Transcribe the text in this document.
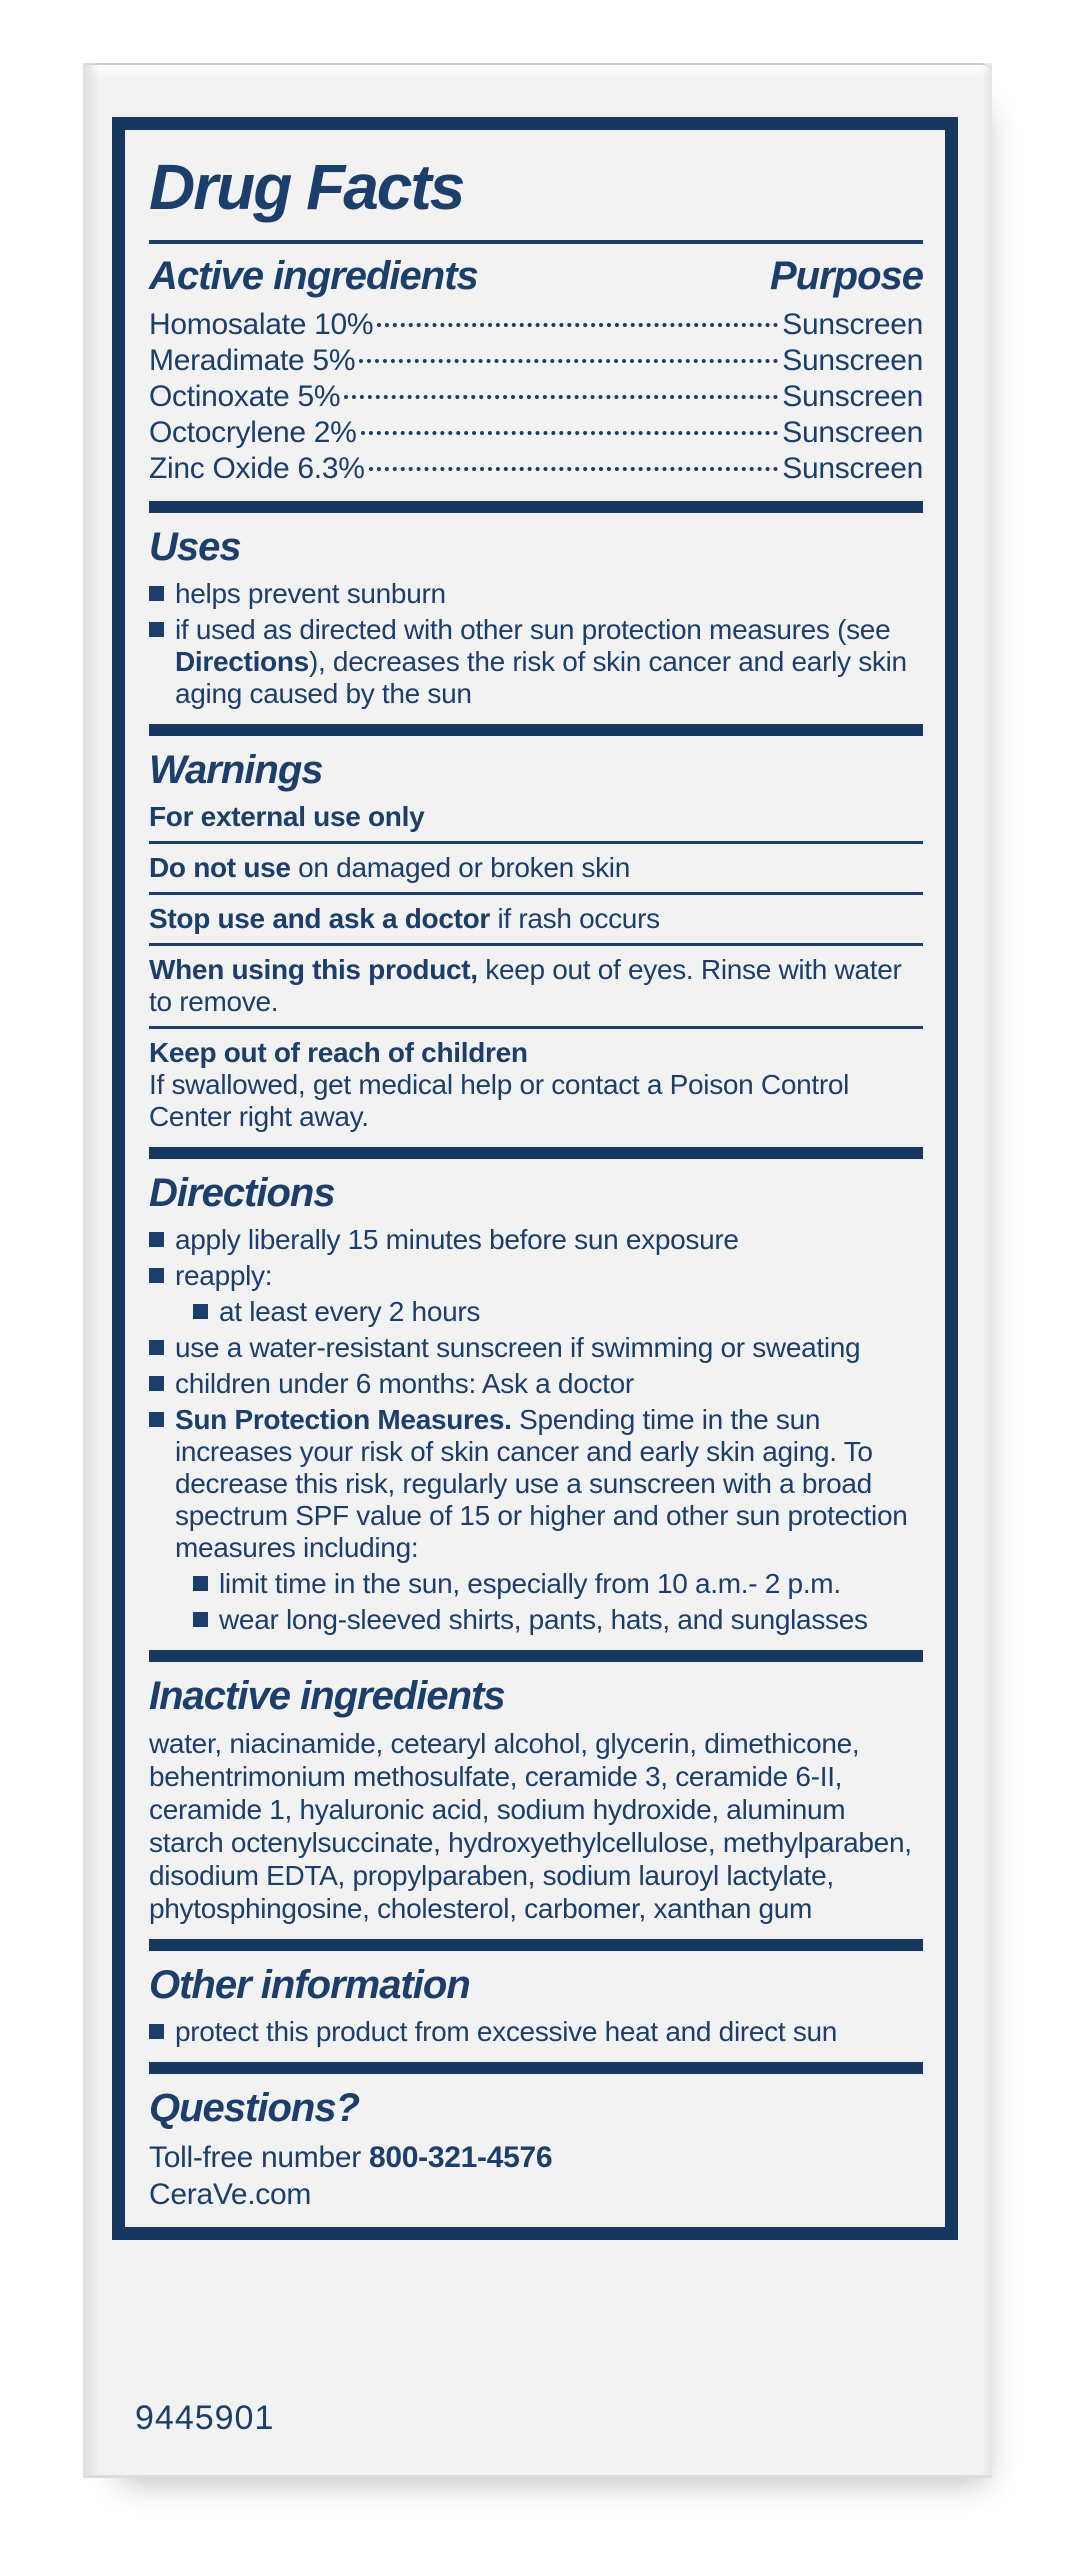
Drug Facts
Active ingredients	Purpose
Homosalate 10%	Sunscreen
Meradimate 5%	Sunscreen
Octinoxate 5%	Sunscreen
Octocrylene 2%	Sunscreen
Zinc Oxide 6.3%	Sunscreen
Uses
helps prevent sunburn
if used as directed with other sun protection measures (see Directions), decreases the risk of skin cancer and early skin aging caused by the sun
Warnings

For external use only

Do not use on damaged or broken skin

Stop use and ask a doctor if rash occurs

When using this product, keep out of eyes. Rinse with water to remove.

Keep out of reach of children

If swallowed, get medical help or contact a Poison Control Center right away.

Directions
apply liberally 15 minutes before sun exposure
reapply:
at least every 2 hours
use a water-resistant sunscreen if swimming or sweating
children under 6 months: Ask a doctor
Sun Protection Measures. Spending time in the sun increases your risk of skin cancer and early skin aging. To decrease this risk, regularly use a sunscreen with a broad spectrum SPF value of 15 or higher and other sun protection measures including:
limit time in the sun, especially from 10 a.m.- 2 p.m.
wear long-sleeved shirts, pants, hats, and sunglasses
Inactive ingredients

water, niacinamide, cetearyl alcohol, glycerin, dimethicone, behentrimonium methosulfate, ceramide 3, ceramide 6-II, ceramide 1, hyaluronic acid, sodium hydroxide, aluminum starch octenylsuccinate, hydroxyethylcellulose, methylparaben, disodium EDTA, propylparaben, sodium lauroyl lactylate, phytosphingosine, cholesterol, carbomer, xanthan gum

Other information
protect this product from excessive heat and direct sun
Questions?
Toll-free number 800-321-4576
CeraVe.com
9445901
